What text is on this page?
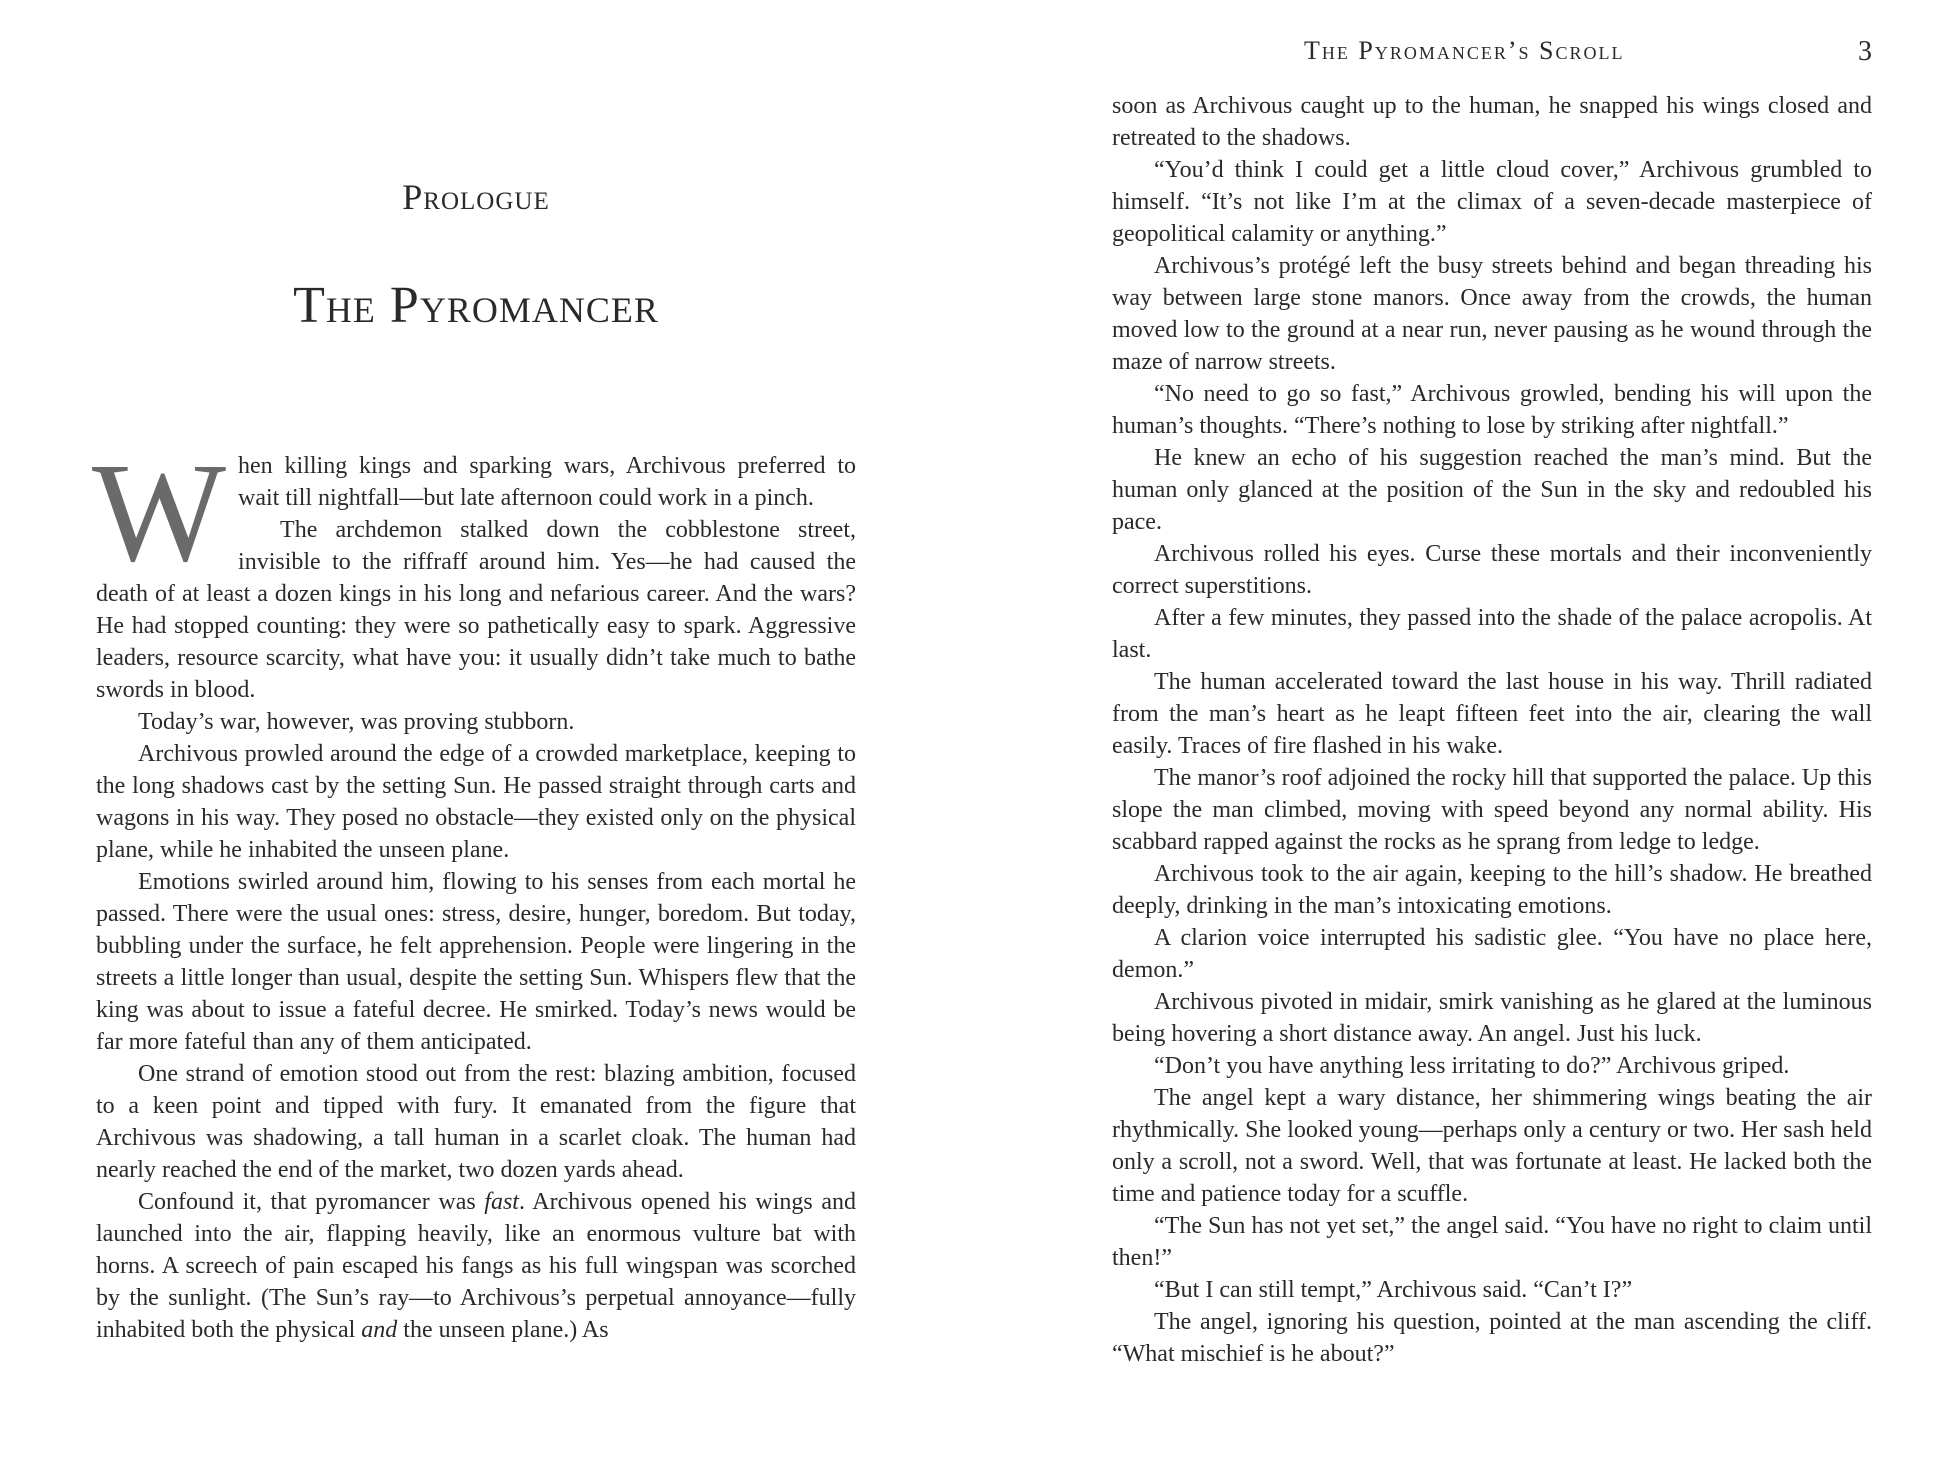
Prologue
The Pyromancer

When killing kings and sparking wars, Archivous preferred to wait till nightfall—but late afternoon could work in a pinch.

The archdemon stalked down the cobblestone street, invisible to the riffraff around him. Yes—he had caused the death of at least a dozen kings in his long and nefarious career. And the wars? He had stopped counting: they were so pathetically easy to spark. Aggressive leaders, resource scarcity, what have you: it usually didn’t take much to bathe swords in blood.

Today’s war, however, was proving stubborn.

Archivous prowled around the edge of a crowded marketplace, keeping to the long shadows cast by the setting Sun. He passed straight through carts and wagons in his way. They posed no obstacle—they existed only on the physical plane, while he inhabited the unseen plane.

Emotions swirled around him, flowing to his senses from each mortal he passed. There were the usual ones: stress, desire, hunger, boredom. But today, bubbling under the surface, he felt apprehension. People were lingering in the streets a little longer than usual, despite the setting Sun. Whispers flew that the king was about to issue a fateful decree. He smirked. Today’s news would be far more fateful than any of them anticipated.

One strand of emotion stood out from the rest: blazing ambition, focused to a keen point and tipped with fury. It emanated from the figure that Archivous was shadowing, a tall human in a scarlet cloak. The human had nearly reached the end of the market, two dozen yards ahead.

Confound it, that pyromancer was fast. Archivous opened his wings and launched into the air, flapping heavily, like an enormous vulture bat with horns. A screech of pain escaped his fangs as his full wingspan was scorched by the sunlight. (The Sun’s ray—to Archivous’s perpetual annoyance—fully inhabited both the physical and the unseen plane.) As

The Pyromancer’s Scroll	3

soon as Archivous caught up to the human, he snapped his wings closed and retreated to the shadows.

“You’d think I could get a little cloud cover,” Archivous grumbled to himself. “It’s not like I’m at the climax of a seven-decade masterpiece of geopolitical calamity or anything.”

Archivous’s protégé left the busy streets behind and began threading his way between large stone manors. Once away from the crowds, the human moved low to the ground at a near run, never pausing as he wound through the maze of narrow streets.

“No need to go so fast,” Archivous growled, bending his will upon the human’s thoughts. “There’s nothing to lose by striking after nightfall.”

He knew an echo of his suggestion reached the man’s mind. But the human only glanced at the position of the Sun in the sky and redoubled his pace.

Archivous rolled his eyes. Curse these mortals and their inconveniently correct superstitions.

After a few minutes, they passed into the shade of the palace acropolis. At last.

The human accelerated toward the last house in his way. Thrill radiated from the man’s heart as he leapt fifteen feet into the air, clearing the wall easily. Traces of fire flashed in his wake.

The manor’s roof adjoined the rocky hill that supported the palace. Up this slope the man climbed, moving with speed beyond any normal ability. His scabbard rapped against the rocks as he sprang from ledge to ledge.

Archivous took to the air again, keeping to the hill’s shadow. He breathed deeply, drinking in the man’s intoxicating emotions.

A clarion voice interrupted his sadistic glee. “You have no place here, demon.”

Archivous pivoted in midair, smirk vanishing as he glared at the luminous being hovering a short distance away. An angel. Just his luck.

“Don’t you have anything less irritating to do?” Archivous griped.

The angel kept a wary distance, her shimmering wings beating the air rhythmically. She looked young—perhaps only a century or two. Her sash held only a scroll, not a sword. Well, that was fortunate at least. He lacked both the time and patience today for a scuffle.

“The Sun has not yet set,” the angel said. “You have no right to claim until then!”

“But I can still tempt,” Archivous said. “Can’t I?”

The angel, ignoring his question, pointed at the man ascending the cliff. “What mischief is he about?”
